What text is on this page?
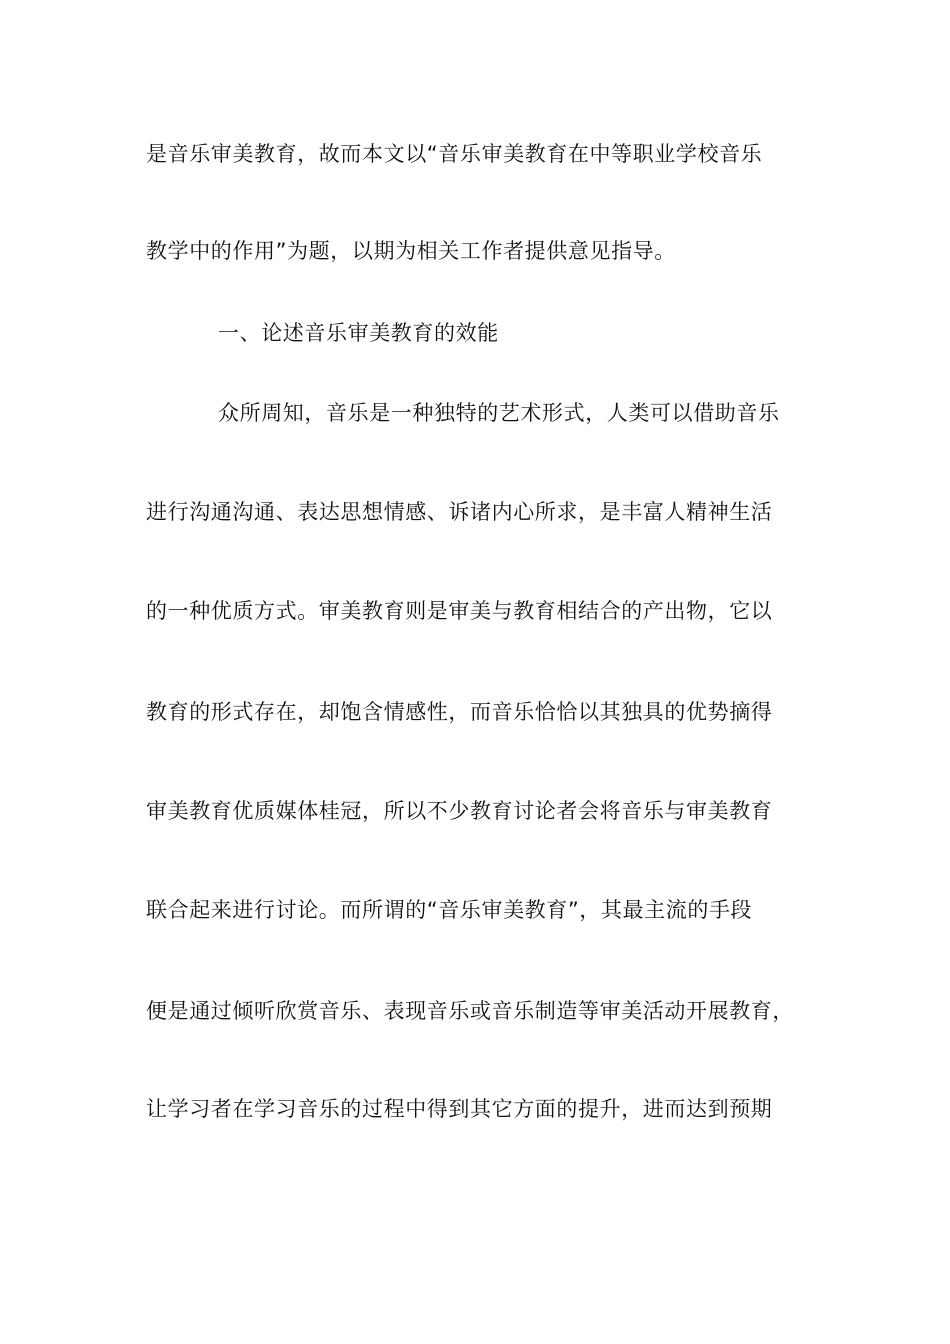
是音乐审美教育，故而本文以“音乐审美教育在中等职业学校音乐
教学中的作用”为题，以期为相关工作者提供意见指导。
一、论述音乐审美教育的效能
众所周知，音乐是一种独特的艺术形式，人类可以借助音乐
进行沟通沟通、表达思想情感、诉诸内心所求，是丰富人精神生活
的一种优质方式。审美教育则是审美与教育相结合的产出物，它以
教育的形式存在，却饱含情感性，而音乐恰恰以其独具的优势摘得
审美教育优质媒体桂冠，所以不少教育讨论者会将音乐与审美教育
联合起来进行讨论。而所谓的“音乐审美教育”，其最主流的手段
便是通过倾听欣赏音乐、表现音乐或音乐制造等审美活动开展教育，
让学习者在学习音乐的过程中得到其它方面的提升，进而达到预期
